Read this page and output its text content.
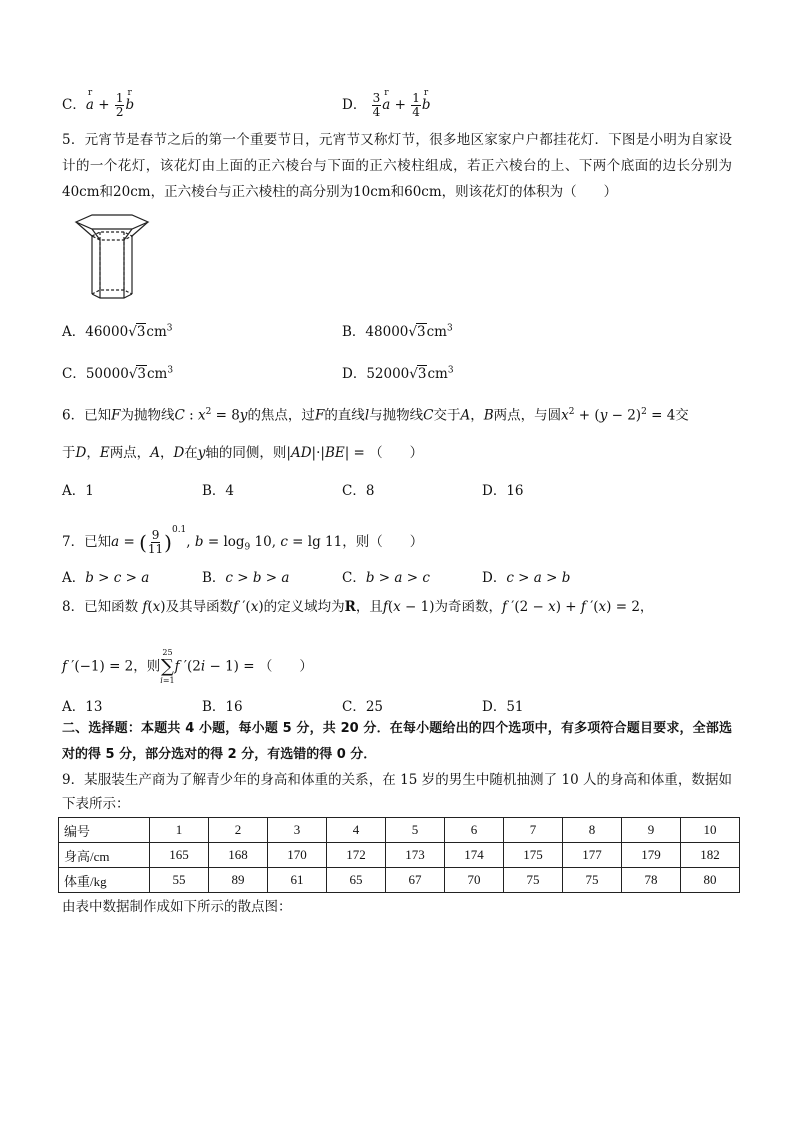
C．r $a + \frac{1}{2}$ r b	D． $\frac{3}{4}$ r $a + \frac{1}{4}$ r b
5．元宵节是春节之后的第一个重要节日，元宵节又称灯节，很多地区家家户户都挂花灯．下图是小明为自家设计的一个花灯，该花灯由上面的正六棱台与下面的正六棱柱组成，若正六棱台的上、下两个底面的边长分别为40cm和20cm，正六棱台与正六棱柱的高分别为10cm和60cm，则该花灯的体积为（　　）
A．$46000√3cm^3$	B．$48000√3cm^3$
C．$50000√3cm^3$	D．$52000√3cm^3$
6．已知F为抛物线C : $x^2 = 8y$的焦点，过F的直线l与抛物线C交于A，B两点，与圆$x^2 + (y - 2)^2 = 4$交
于D，E两点，A，D在y轴的同侧，则|AD|·|BE| = （　　）
A．1	B．4	C．8	D．16
7．已知a = ( $\frac{9}{11} )^{0.1}$, $b = \log_9 10$, c = lg 11，则（　　）
A．b > c > a	B．c > b > a	C．b > a > c	D．c > a > b
8．已知函数 f(x)及其导函数f ′(x)的定义域均为R，且f(x − 1)为奇函数，f ′(2 − x) + f ′(x) = 2，
f ′(−1) = 2，则
25
∑
i=1
f ′(2i − 1) = （　　）
A．13	B．16	C．25	D．51
二、选择题：本题共 4 小题，每小题 5 分，共 20 分．在每小题给出的四个选项中，有多项符合题目要求，全部选对的得 5 分，部分选对的得 2 分，有选错的得 0 分．
9．某服装生产商为了解青少年的身高和体重的关系，在 15 岁的男生中随机抽测了 10 人的身高和体重，数据如下表所示：
编号	1	2	3	4	5	6	7	8	9	10
身高/cm	165	168	170	172	173	174	175	177	179	182
体重/kg	55	89	61	65	67	70	75	75	78	80
由表中数据制作成如下所示的散点图：
